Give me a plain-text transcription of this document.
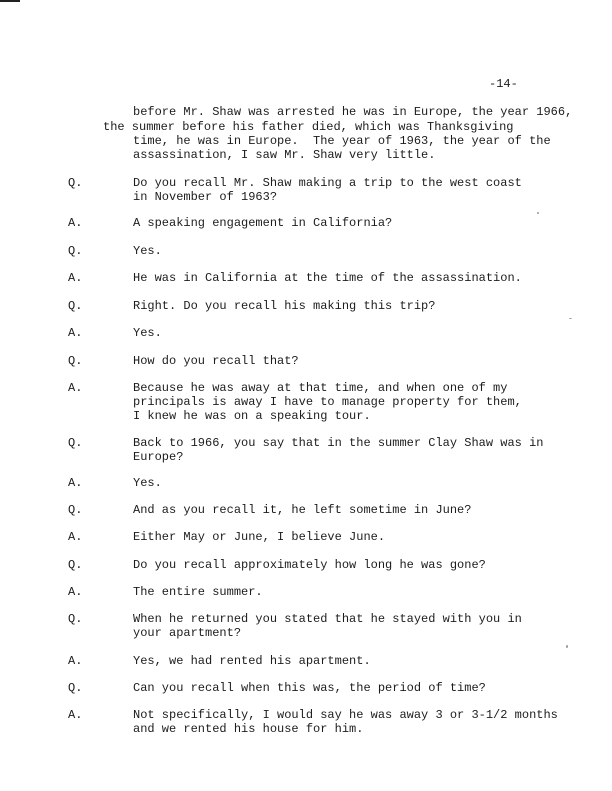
-14-
before Mr. Shaw was arrested he was in Europe, the year 1966,
the summer before his father died, which was Thanksgiving
time, he was in Europe.  The year of 1963, the year of the
assassination, I saw Mr. Shaw very little.
Q.	Do you recall Mr. Shaw making a trip to the west coast
in November of 1963?
A.	A speaking engagement in California?
Q.	Yes.
A.	He was in California at the time of the assassination.
Q.	Right. Do you recall his making this trip?
A.	Yes.
Q.	How do you recall that?
A.	Because he was away at that time, and when one of my
principals is away I have to manage property for them,
I knew he was on a speaking tour.
Q.	Back to 1966, you say that in the summer Clay Shaw was in
Europe?
A.	Yes.
Q.	And as you recall it, he left sometime in June?
A.	Either May or June, I believe June.
Q.	Do you recall approximately how long he was gone?
A.	The entire summer.
Q.	When he returned you stated that he stayed with you in
your apartment?
A.	Yes, we had rented his apartment.
Q.	Can you recall when this was, the period of time?
A.	Not specifically, I would say he was away 3 or 3-1/2 months
and we rented his house for him.
